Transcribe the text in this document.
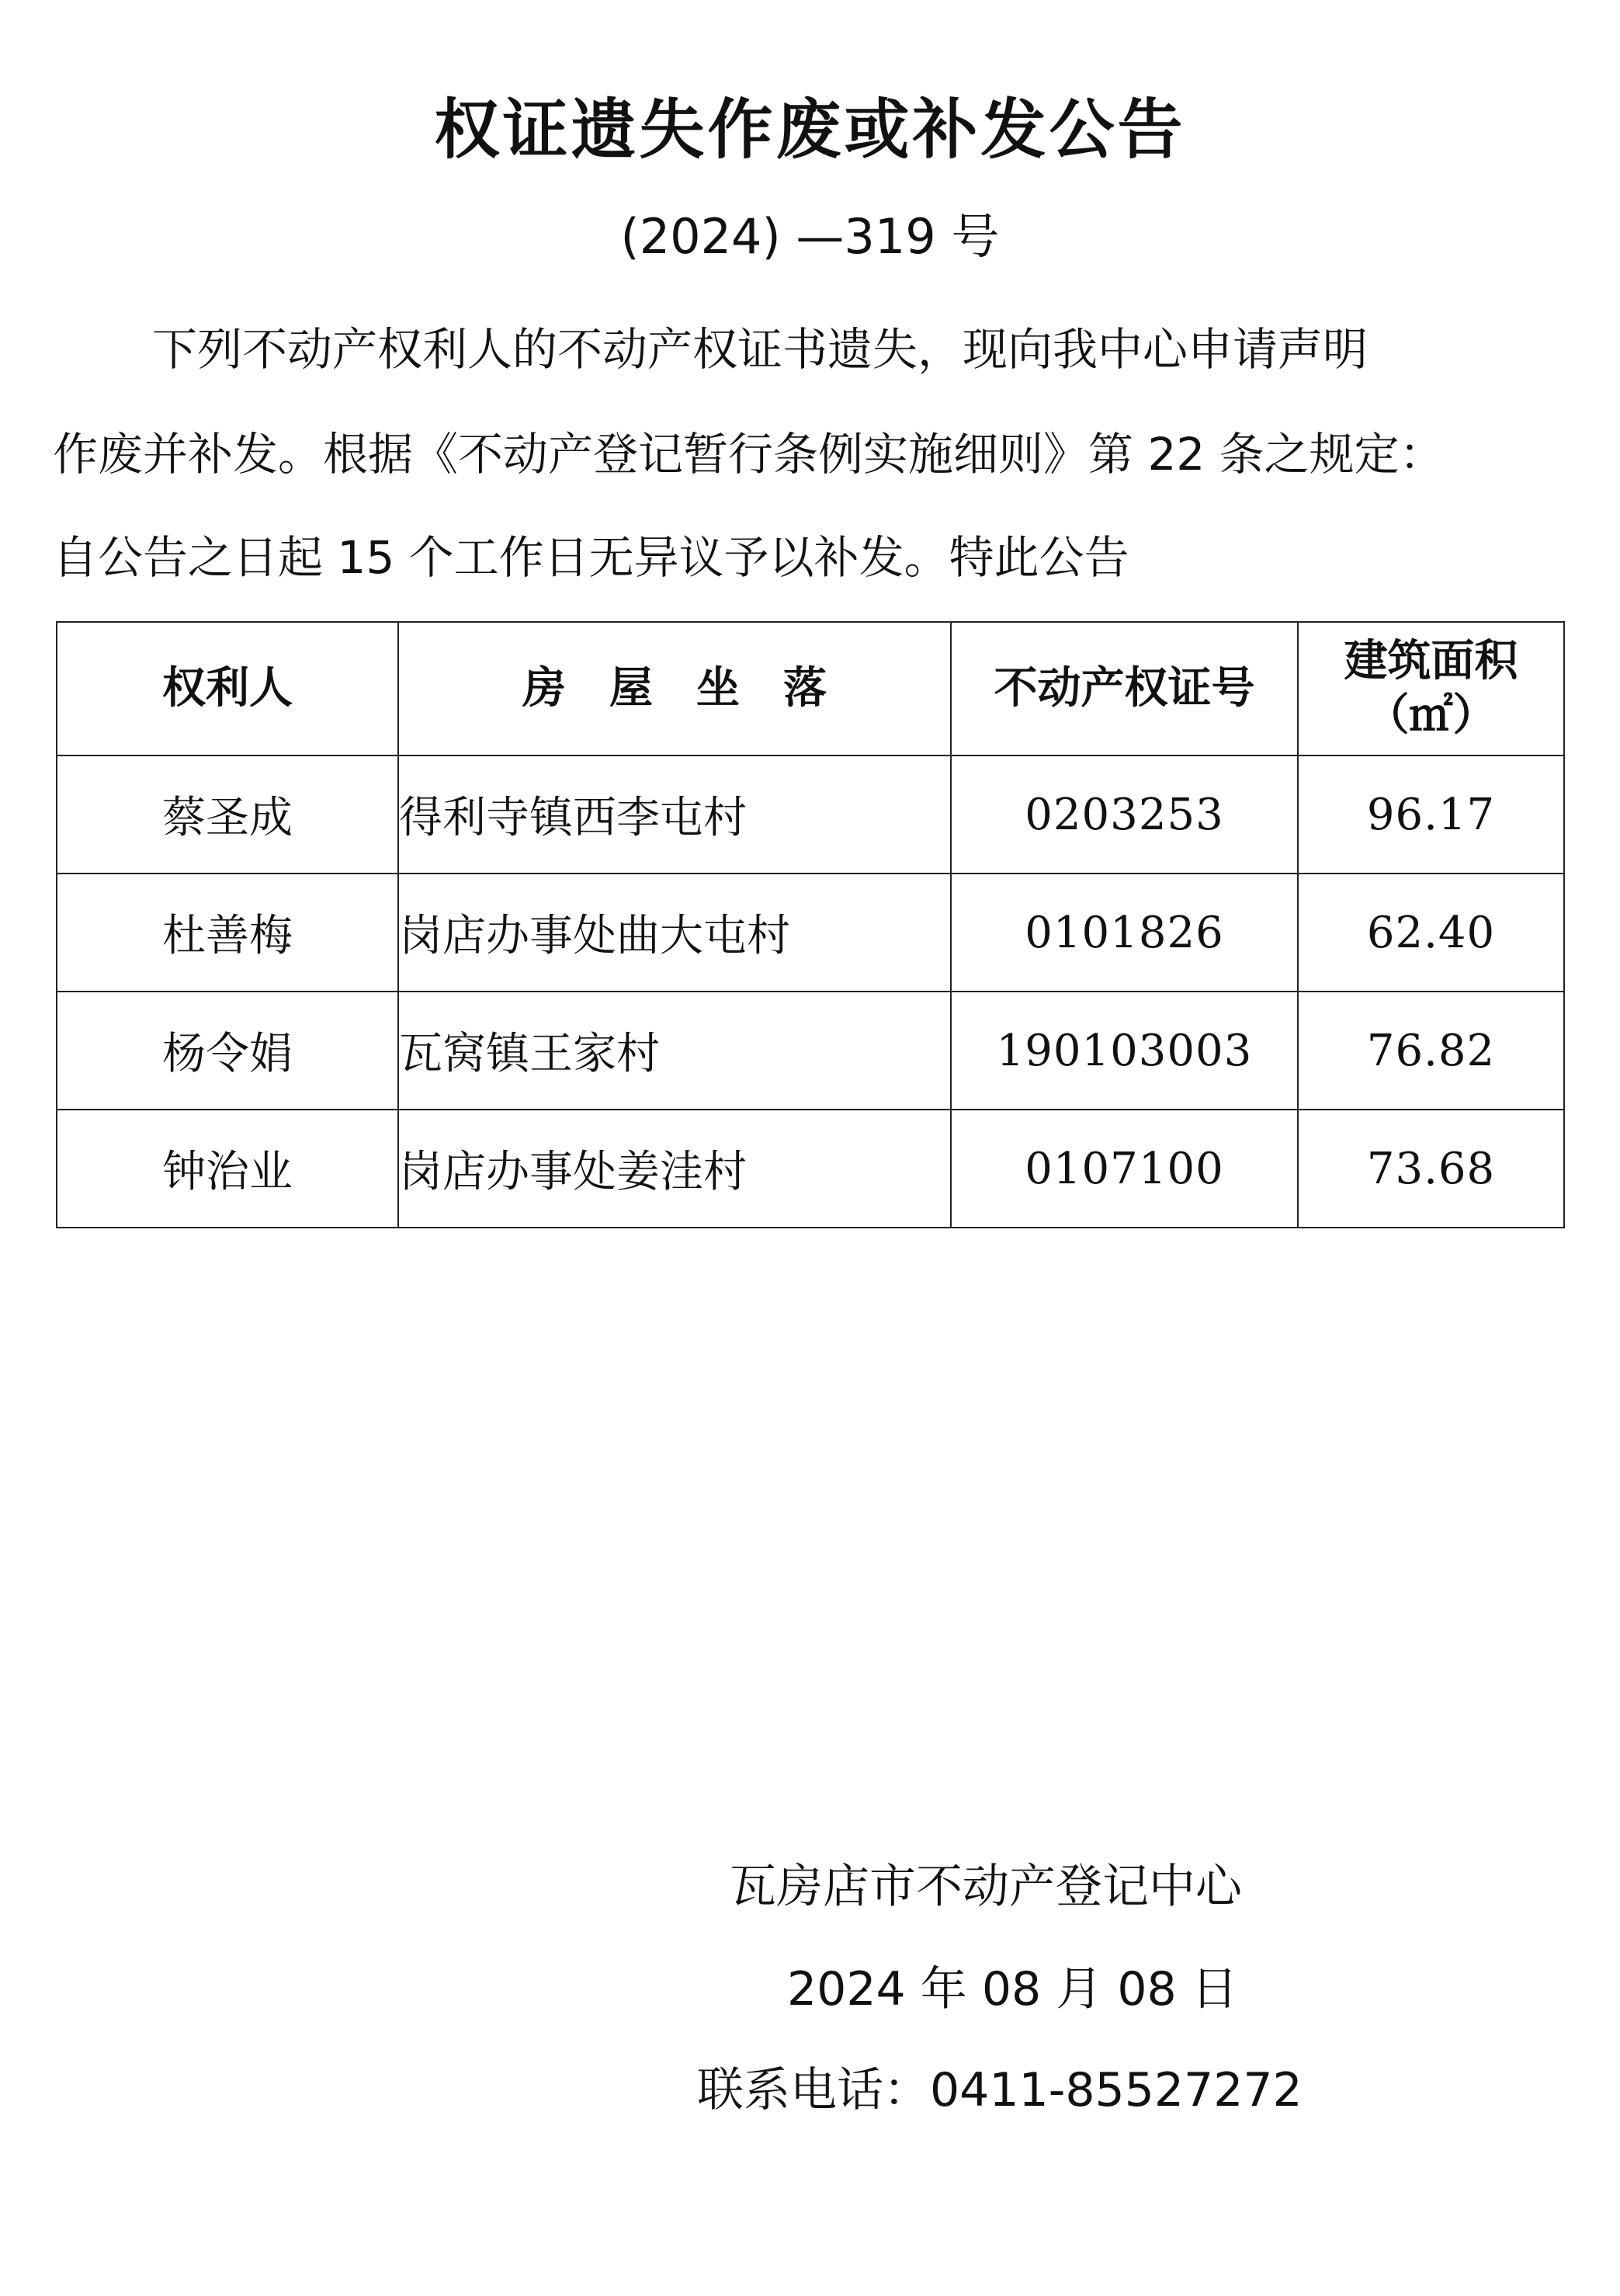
权证遗失作废或补发公告
(2024) —319 号
下列不动产权利人的不动产权证书遗失，现向我中心申请声明
作废并补发。根据《不动产登记暂行条例实施细则》第 22 条之规定：
自公告之日起 15 个工作日无异议予以补发。特此公告
权利人	房　屋　坐　落	不动产权证号	建筑面积
（㎡）

蔡圣成	得利寺镇西李屯村	0203253	96.17
杜善梅	岗店办事处曲大屯村	0101826	62.40
杨令娟	瓦窝镇王家村	190103003	76.82
钟治业	岗店办事处姜洼村	0107100	73.68
瓦房店市不动产登记中心
2024 年 08 月 08 日
联系电话：0411-85527272
